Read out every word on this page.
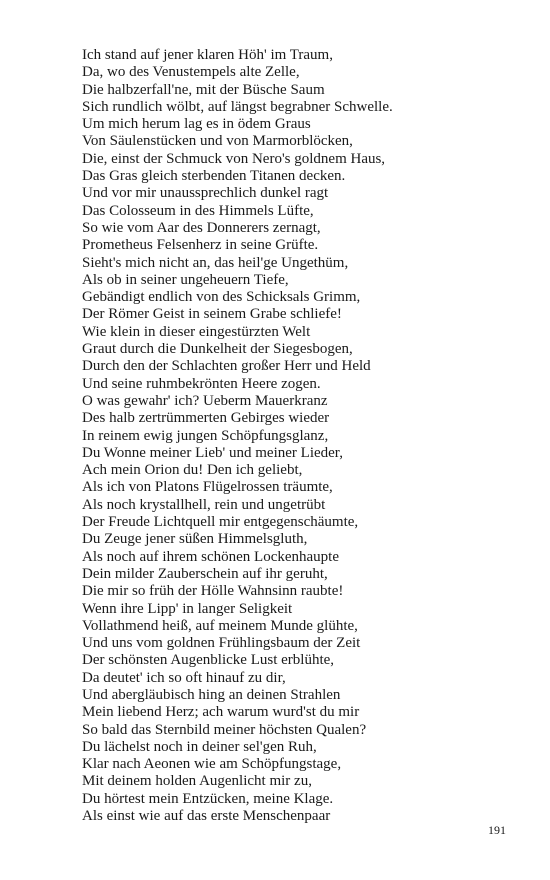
Ich stand auf jener klaren Höh' im Traum,
Da, wo des Venustempels alte Zelle,
Die halbzerfall'ne, mit der Büsche Saum
Sich rundlich wölbt, auf längst begrabner Schwelle.
Um mich herum lag es in ödem Graus
Von Säulenstücken und von Marmorblöcken,
Die, einst der Schmuck von Nero's goldnem Haus,
Das Gras gleich sterbenden Titanen decken.
Und vor mir unaussprechlich dunkel ragt
Das Colosseum in des Himmels Lüfte,
So wie vom Aar des Donnerers zernagt,
Prometheus Felsenherz in seine Grüfte.
Sieht's mich nicht an, das heil'ge Ungethüm,
Als ob in seiner ungeheuern Tiefe,
Gebändigt endlich von des Schicksals Grimm,
Der Römer Geist in seinem Grabe schliefe!
Wie klein in dieser eingestürzten Welt
Graut durch die Dunkelheit der Siegesbogen,
Durch den der Schlachten großer Herr und Held
Und seine ruhmbekrönten Heere zogen.
O was gewahr' ich? Ueberm Mauerkranz
Des halb zertrümmerten Gebirges wieder
In reinem ewig jungen Schöpfungsglanz,
Du Wonne meiner Lieb' und meiner Lieder,
Ach mein Orion du! Den ich geliebt,
Als ich von Platons Flügelrossen träumte,
Als noch krystallhell, rein und ungetrübt
Der Freude Lichtquell mir entgegenschäumte,
Du Zeuge jener süßen Himmelsgluth,
Als noch auf ihrem schönen Lockenhaupte
Dein milder Zauberschein auf ihr geruht,
Die mir so früh der Hölle Wahnsinn raubte!
Wenn ihre Lipp' in langer Seligkeit
Vollathmend heiß, auf meinem Munde glühte,
Und uns vom goldnen Frühlingsbaum der Zeit
Der schönsten Augenblicke Lust erblühte,
Da deutet' ich so oft hinauf zu dir,
Und abergläubisch hing an deinen Strahlen
Mein liebend Herz; ach warum wurd'st du mir
So bald das Sternbild meiner höchsten Qualen?
Du lächelst noch in deiner sel'gen Ruh,
Klar nach Aeonen wie am Schöpfungstage,
Mit deinem holden Augenlicht mir zu,
Du hörtest mein Entzücken, meine Klage.
Als einst wie auf das erste Menschenpaar
191
